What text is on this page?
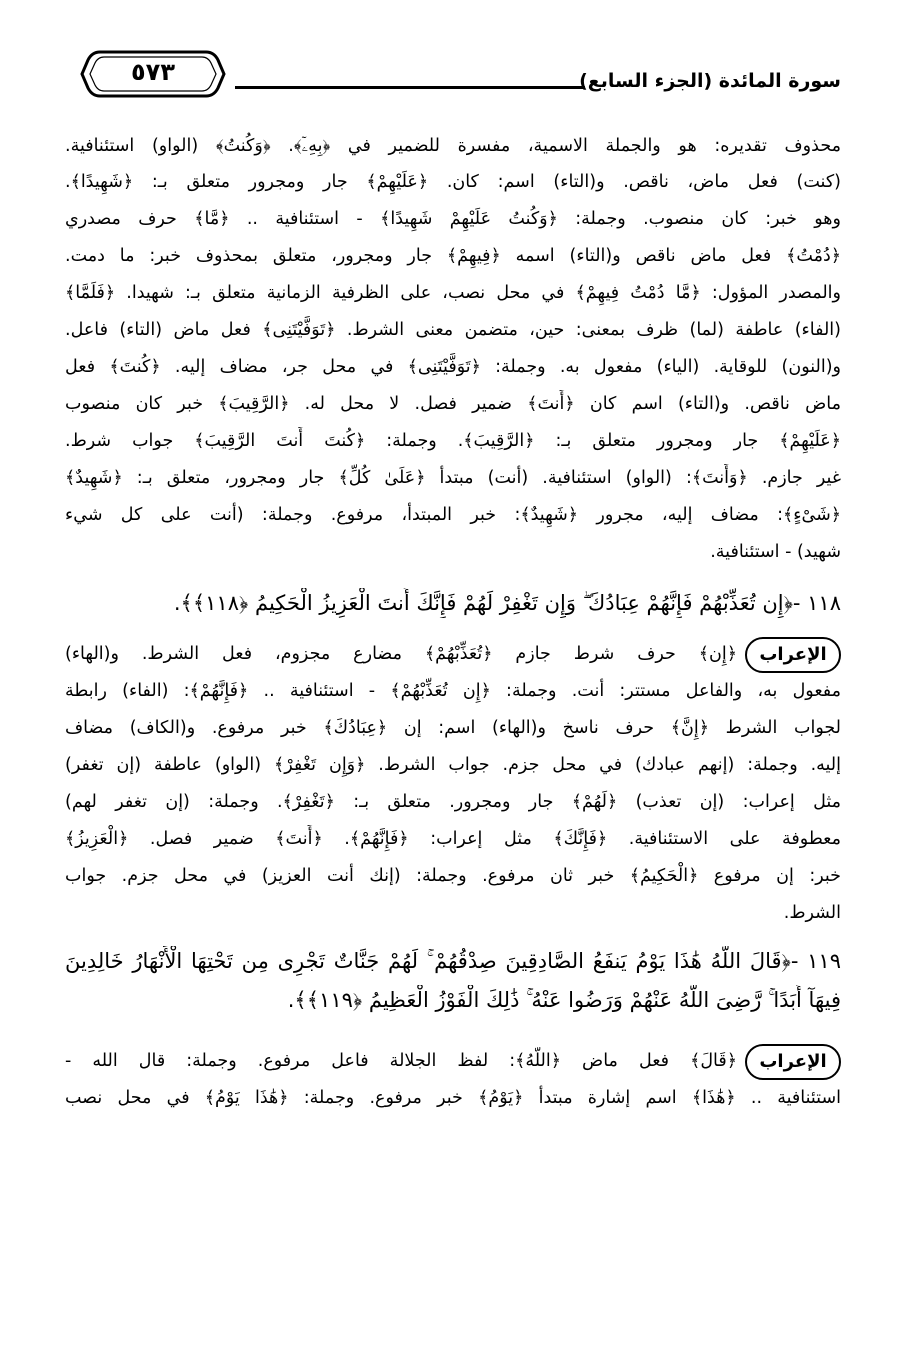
سورة المائدة (الجزء السابع)
٥٧٣
محذوف تقديره: هو والجملة الاسمية، مفسرة للضمير في ﴿بِهِۦٓ﴾. ﴿وَكُنتُ﴾ (الواو) استئنافية.
(كنت) فعل ماض، ناقص. و(التاء) اسم: كان. ﴿عَلَيْهِمْ﴾ جار ومجرور متعلق بـ: ﴿شَهِيدًا﴾.
وهو خبر: كان منصوب. وجملة: ﴿وَكُنتُ عَلَيْهِمْ شَهِيدًا﴾ - استئنافية .. ﴿مَّا﴾ حرف مصدري
﴿دُمْتُ﴾ فعل ماض ناقص و(التاء) اسمه ﴿فِيهِمْ﴾ جار ومجرور، متعلق بمحذوف خبر: ما دمت.
والمصدر المؤول: ﴿مَّا دُمْتُ فِيهِمْ﴾ في محل نصب، على الظرفية الزمانية متعلق بـ: شهيدا. ﴿فَلَمَّا﴾
(الفاء) عاطفة (لما) ظرف بمعنى: حين، متضمن معنى الشرط. ﴿تَوَفَّيْتَنِى﴾ فعل ماض (التاء) فاعل.
و(النون) للوقاية. (الياء) مفعول به. وجملة: ﴿تَوَفَّيْتَنِى﴾ في محل جر، مضاف إليه. ﴿كُنتَ﴾ فعل
ماض ناقص. و(التاء) اسم كان ﴿أَنتَ﴾ ضمير فصل. لا محل له. ﴿الرَّقِيبَ﴾ خبر كان منصوب
﴿عَلَيْهِمْ﴾ جار ومجرور متعلق بـ: ﴿الرَّقِيبَ﴾. وجملة: ﴿كُنتَ أَنتَ الرَّقِيبَ﴾ جواب شرط.
غير جازم. ﴿وَأَنتَ﴾: (الواو) استئنافية. (أنت) مبتدأ ﴿عَلَىٰ كُلِّ﴾ جار ومجرور، متعلق بـ: ﴿شَهِيدٌ﴾
﴿شَىْءٍ﴾: مضاف إليه، مجرور ﴿شَهِيدٌ﴾: خبر المبتدأ، مرفوع. وجملة: (أنت على كل شيء
شهيد) - استئنافية.
١١٨ -﴿إِن تُعَذِّبْهُمْ فَإِنَّهُمْ عِبَادُكَ ۖ وَإِن تَغْفِرْ لَهُمْ فَإِنَّكَ أَنتَ الْعَزِيزُ الْحَكِيمُ ﴿١١٨﴾﴾.
الإعراب
﴿إِن﴾ حرف شرط جازم ﴿تُعَذِّبْهُمْ﴾ مضارع مجزوم، فعل الشرط. و(الهاء)
مفعول به، والفاعل مستتر: أنت. وجملة: ﴿إِن تُعَذِّبْهُمْ﴾ - استئنافية .. ﴿فَإِنَّهُمْ﴾: (الفاء) رابطة
لجواب الشرط ﴿إِنَّ﴾ حرف ناسخ و(الهاء) اسم: إن ﴿عِبَادُكَ﴾ خبر مرفوع. و(الكاف) مضاف
إليه. وجملة: (إنهم عبادك) في محل جزم. جواب الشرط. ﴿وَإِن تَغْفِرْ﴾ (الواو) عاطفة (إن تغفر)
مثل إعراب: (إن تعذب) ﴿لَهُمْ﴾ جار ومجرور. متعلق بـ: ﴿تَغْفِرْ﴾. وجملة: (إن تغفر لهم)
معطوفة على الاستئنافية. ﴿فَإِنَّكَ﴾ مثل إعراب: ﴿فَإِنَّهُمْ﴾. ﴿أَنتَ﴾ ضمير فصل. ﴿الْعَزِيزُ﴾
خبر: إن مرفوع ﴿الْحَكِيمُ﴾ خبر ثان مرفوع. وجملة: (إنك أنت العزيز) في محل جزم. جواب
الشرط.
١١٩ -﴿قَالَ اللَّهُ هَٰذَا يَوْمُ يَنفَعُ الصَّادِقِينَ صِدْقُهُمْ ۚ لَهُمْ جَنَّاتٌ تَجْرِى مِن تَحْتِهَا الْأَنْهَارُ خَالِدِينَ
فِيهَآ أَبَدًا ۚ رَّضِىَ اللَّهُ عَنْهُمْ وَرَضُوا عَنْهُ ۚ ذَٰلِكَ الْفَوْزُ الْعَظِيمُ ﴿١١٩﴾﴾.
الإعراب
﴿قَالَ﴾ فعل ماض ﴿اللَّهُ﴾: لفظ الجلالة فاعل مرفوع. وجملة: قال الله -
استئنافية .. ﴿هَٰذَا﴾ اسم إشارة مبتدأ ﴿يَوْمُ﴾ خبر مرفوع. وجملة: ﴿هَٰذَا يَوْمُ﴾ في محل نصب
